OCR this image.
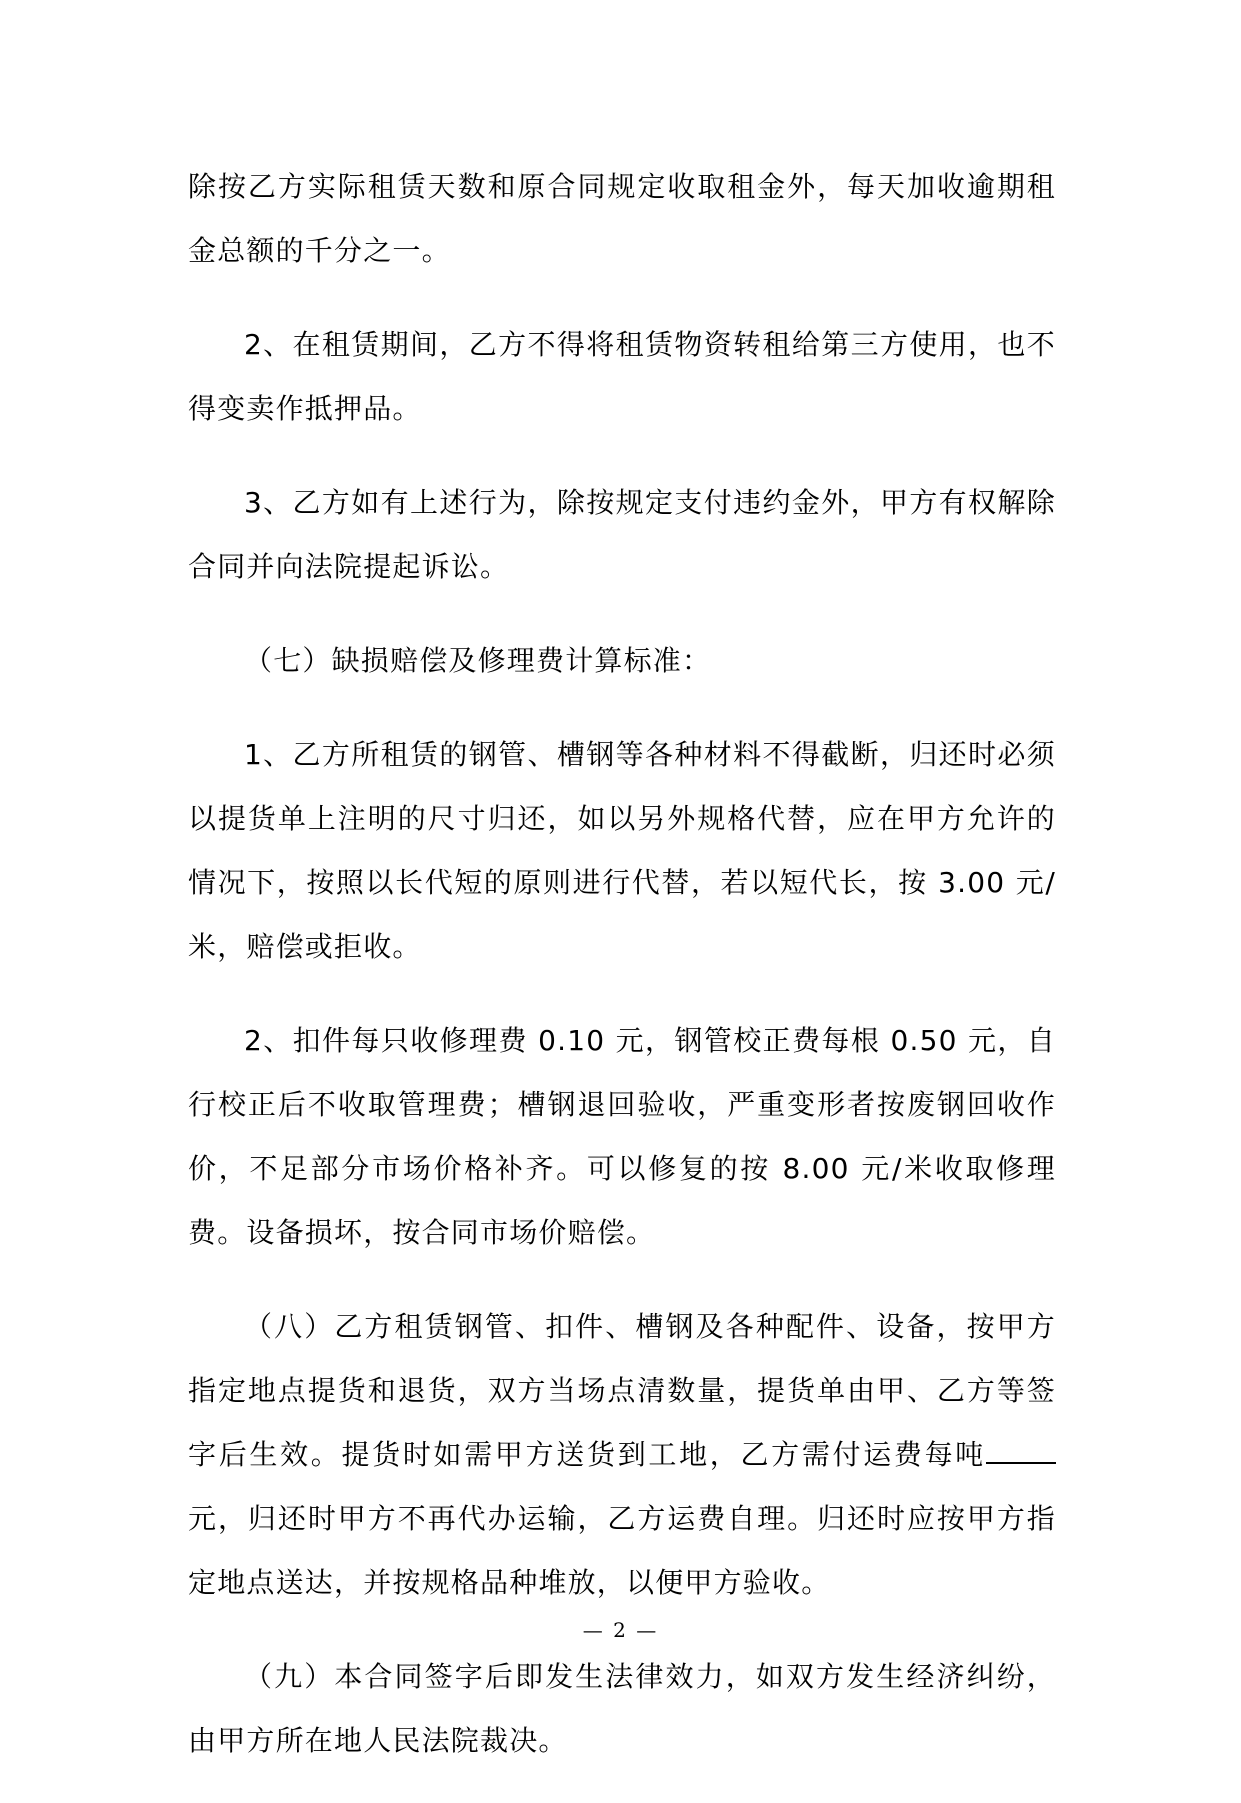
除按乙方实际租赁天数和原合同规定收取租金外，每天加收逾期租金总额的千分之一。

2、在租赁期间，乙方不得将租赁物资转租给第三方使用，也不得变卖作抵押品。

3、乙方如有上述行为，除按规定支付违约金外，甲方有权解除合同并向法院提起诉讼。

（七）缺损赔偿及修理费计算标准：

1、乙方所租赁的钢管、槽钢等各种材料不得截断，归还时必须以提货单上注明的尺寸归还，如以另外规格代替，应在甲方允许的情况下，按照以长代短的原则进行代替，若以短代长，按 3.00 元/米，赔偿或拒收。

2、扣件每只收修理费 0.10 元，钢管校正费每根 0.50 元，自行校正后不收取管理费；槽钢退回验收，严重变形者按废钢回收作价，不足部分市场价格补齐。可以修复的按 8.00 元/米收取修理费。设备损坏，按合同市场价赔偿。

（八）乙方租赁钢管、扣件、槽钢及各种配件、设备，按甲方指定地点提货和退货，双方当场点清数量，提货单由甲、乙方等签字后生效。提货时如需甲方送货到工地，乙方需付运费每吨元，归还时甲方不再代办运输，乙方运费自理。归还时应按甲方指定地点送达，并按规格品种堆放，以便甲方验收。

（九）本合同签字后即发生法律效力，如双方发生经济纠纷，由甲方所在地人民法院裁决。

— 2 —
